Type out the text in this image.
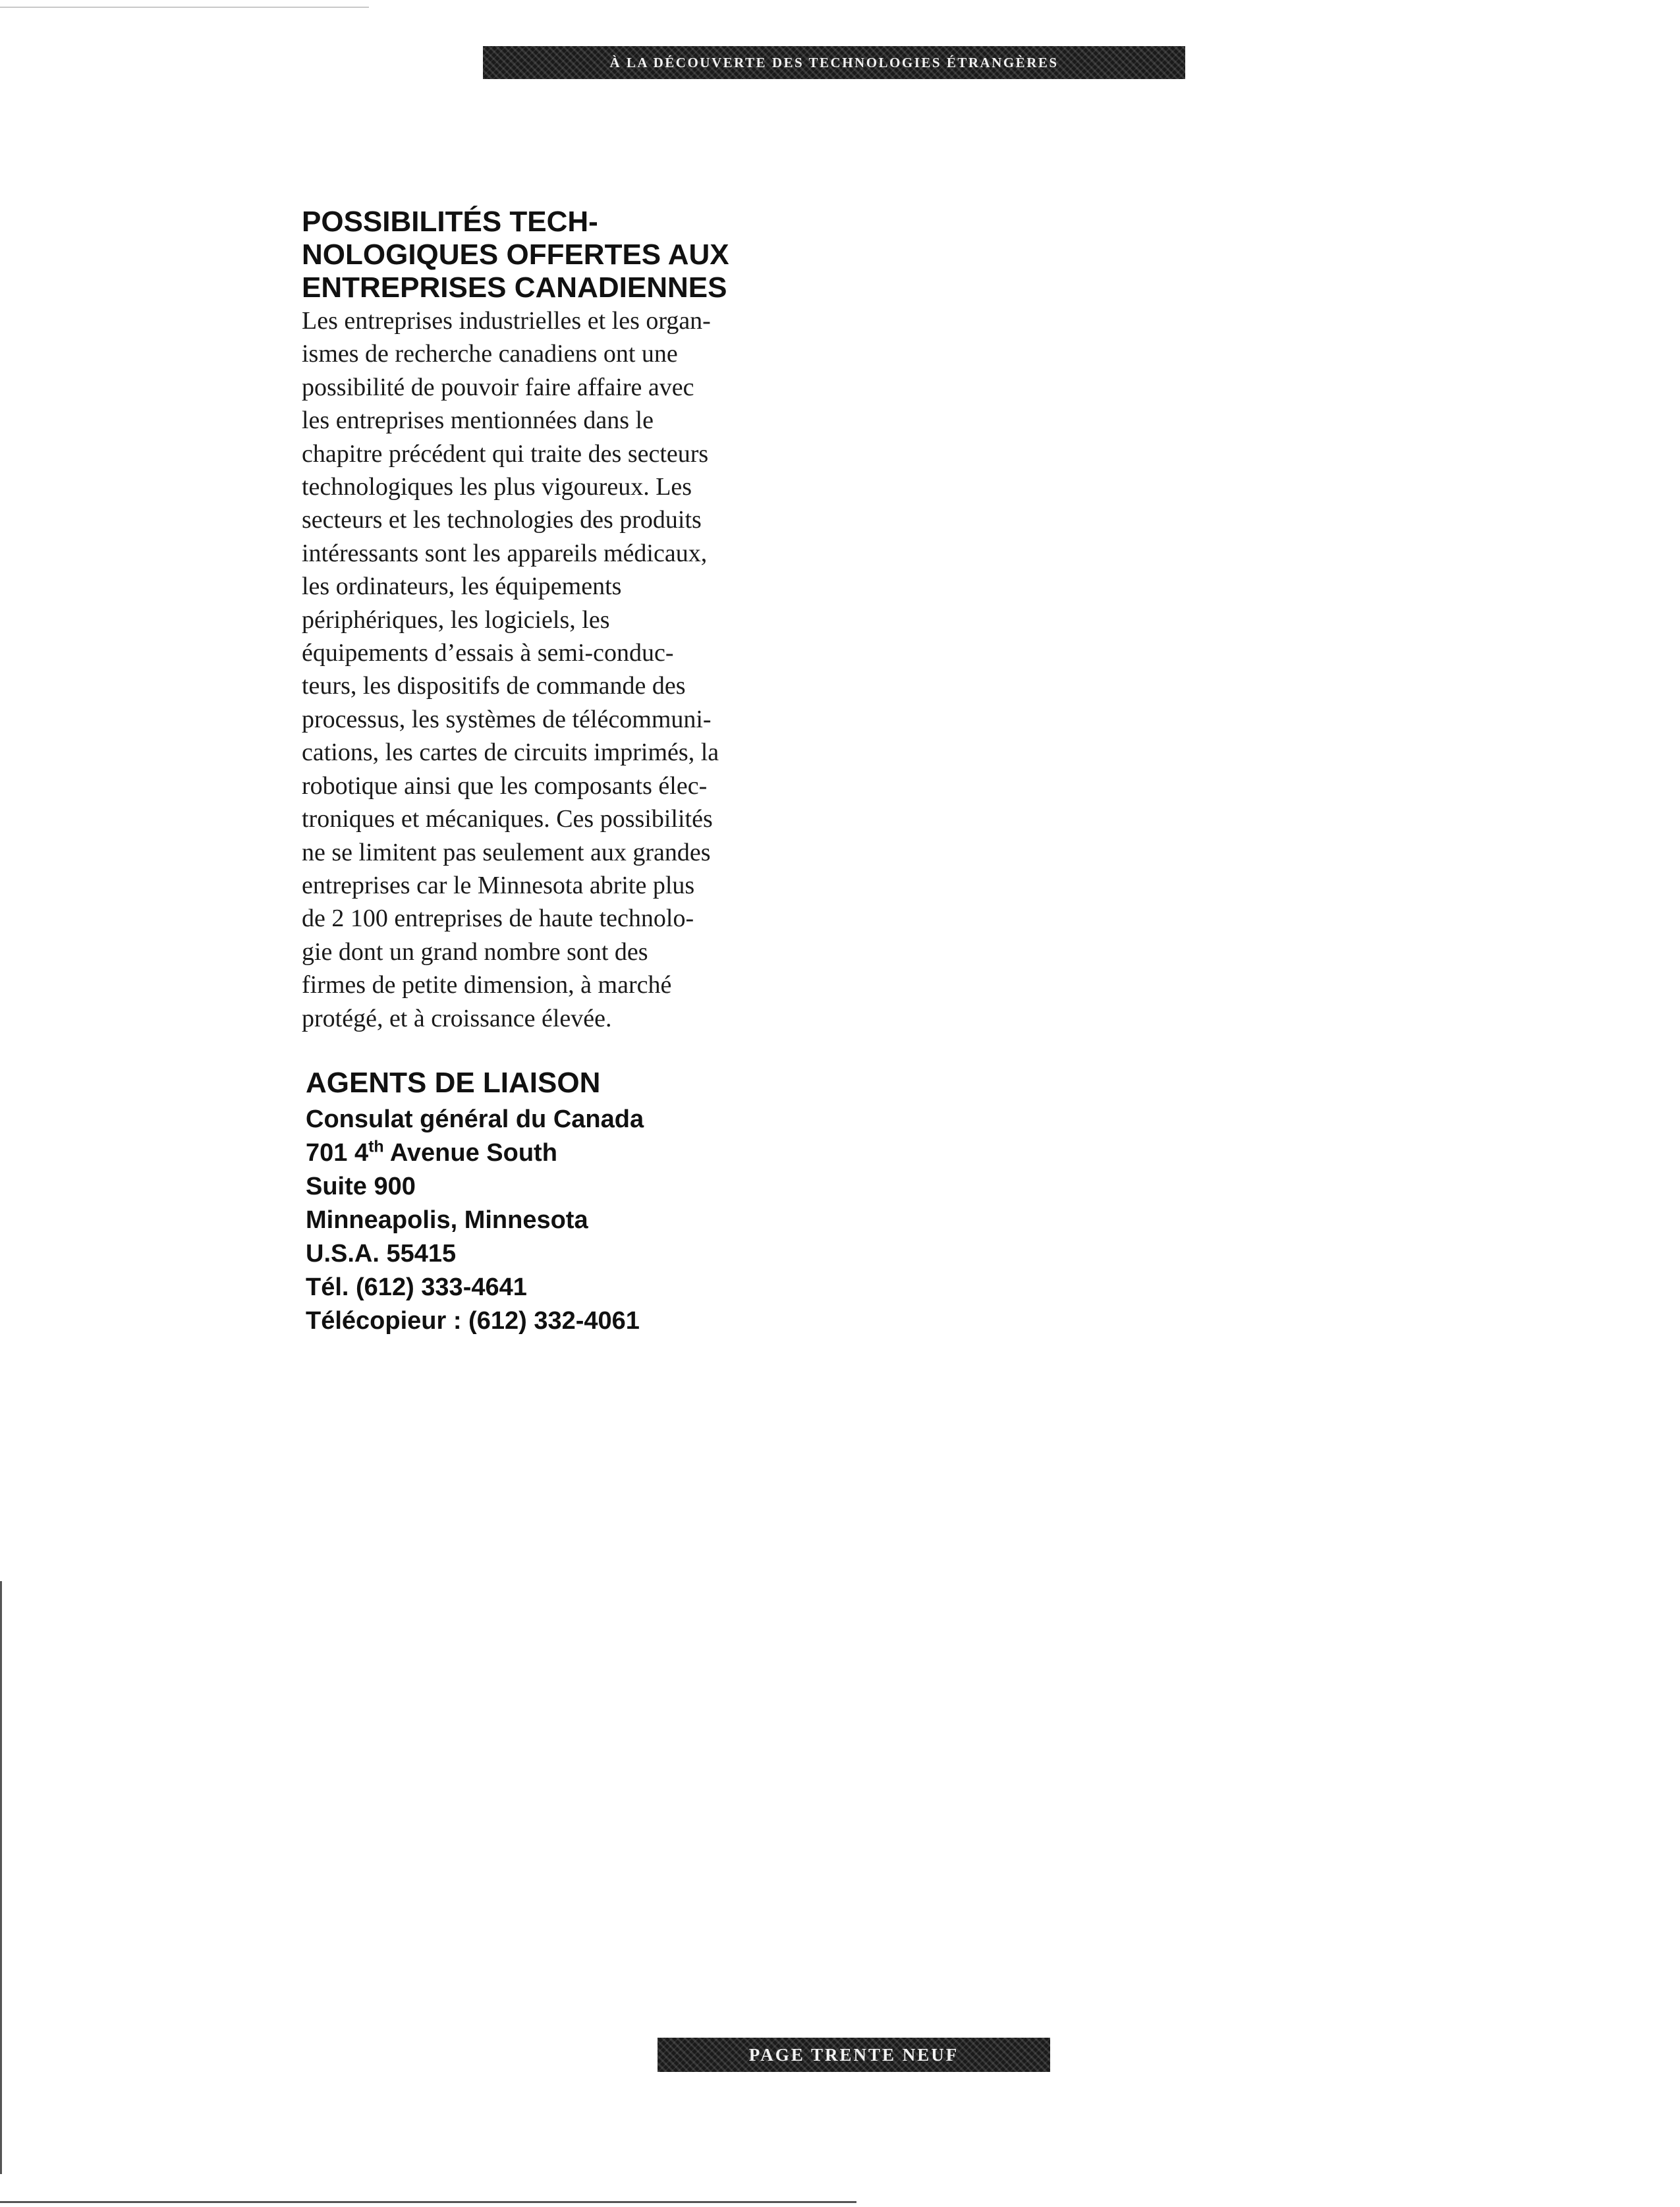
À LA DÉCOUVERTE DES TECHNOLOGIES ÉTRANGÈRES
POSSIBILITÉS TECH-
NOLOGIQUES OFFERTES AUX
ENTREPRISES CANADIENNES

Les entreprises industrielles et les organ-
ismes de recherche canadiens ont une
possibilité de pouvoir faire affaire avec
les entreprises mentionnées dans le
chapitre précédent qui traite des secteurs
technologiques les plus vigoureux. Les
secteurs et les technologies des produits
intéressants sont les appareils médicaux,
les ordinateurs, les équipements
périphériques, les logiciels, les
équipements d’essais à semi-conduc-
teurs, les dispositifs de commande des
processus, les systèmes de télécommuni-
cations, les cartes de circuits imprimés, la
robotique ainsi que les composants élec-
troniques et mécaniques. Ces possibilités
ne se limitent pas seulement aux grandes
entreprises car le Minnesota abrite plus
de 2 100 entreprises de haute technolo-
gie dont un grand nombre sont des
firmes de petite dimension, à marché
protégé, et à croissance élevée.

AGENTS DE LIAISON
Consulat général du Canada
701 4th Avenue South
Suite 900
Minneapolis, Minnesota
U.S.A. 55415
Tél. (612) 333-4641
Télécopieur : (612) 332-4061
PAGE TRENTE NEUF
